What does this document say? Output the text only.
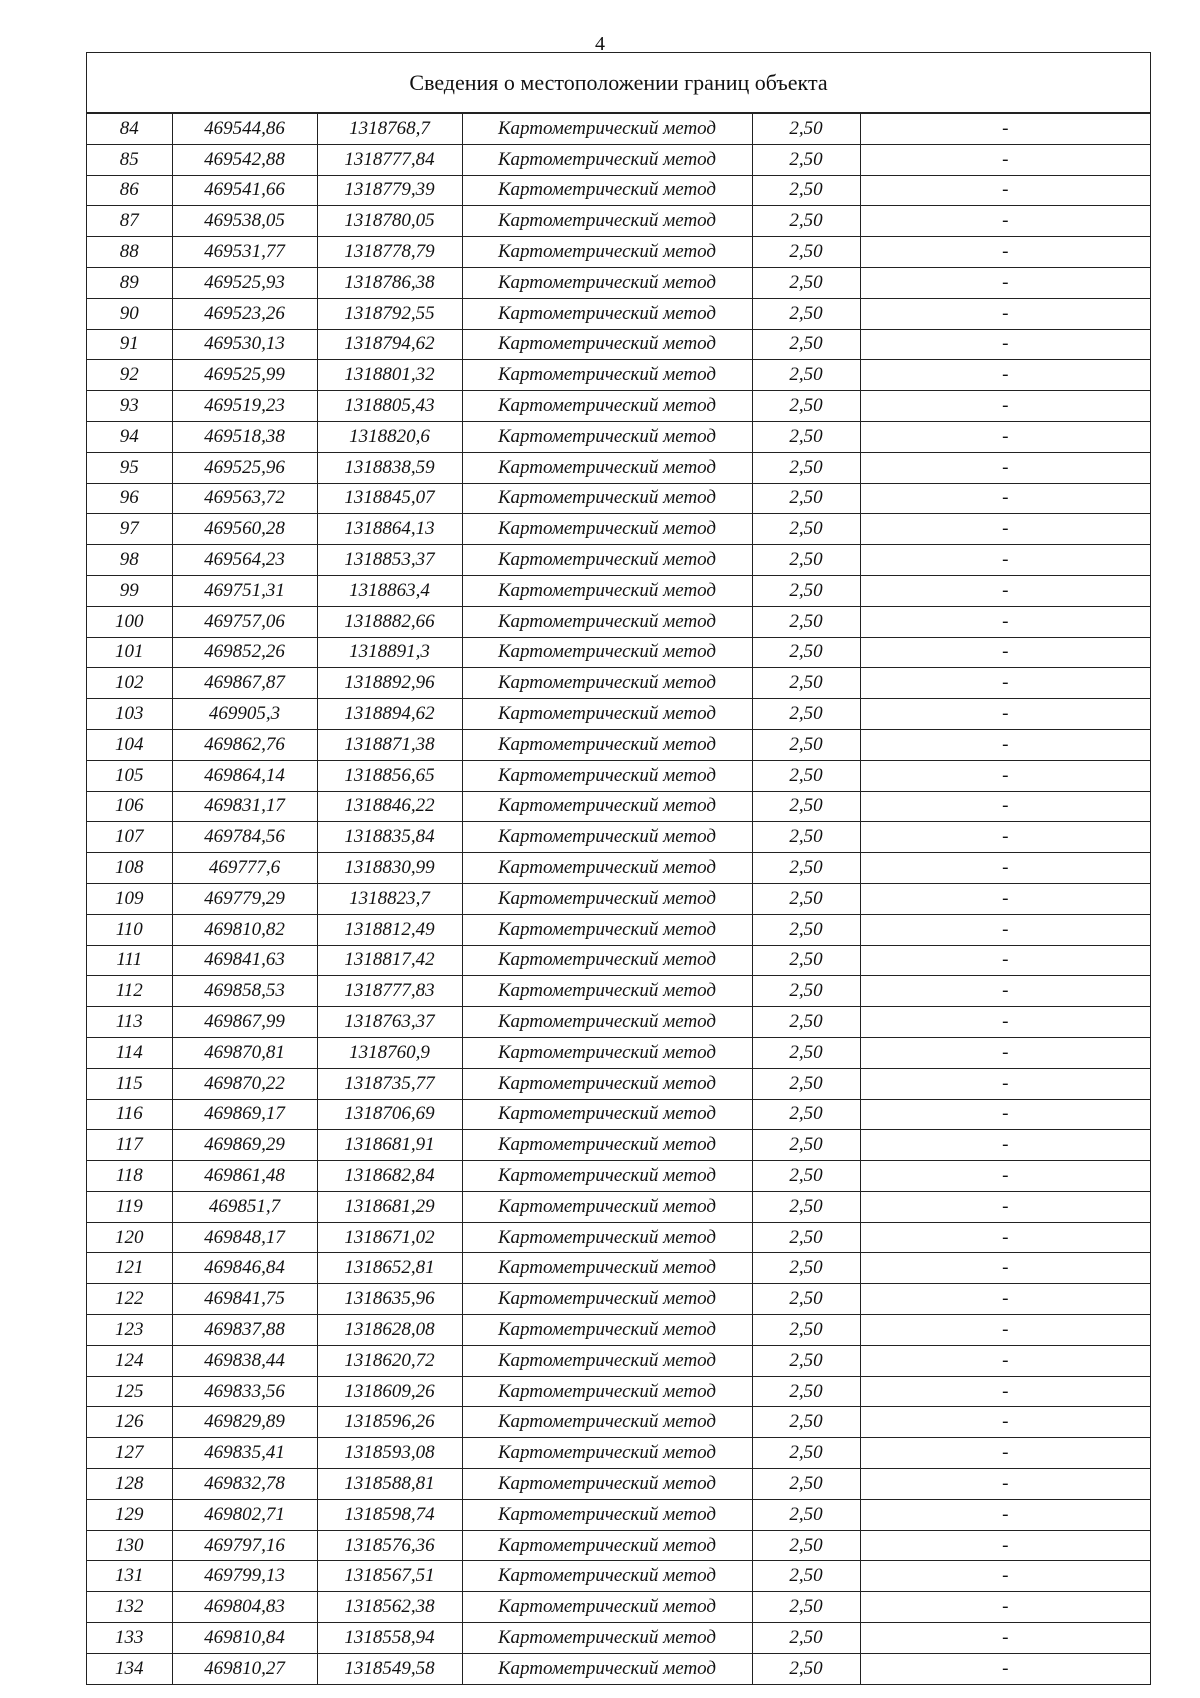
4
Сведения о местоположении границ объекта
84	469544,86	1318768,7	Картометрический метод	2,50	-
85	469542,88	1318777,84	Картометрический метод	2,50	-
86	469541,66	1318779,39	Картометрический метод	2,50	-
87	469538,05	1318780,05	Картометрический метод	2,50	-
88	469531,77	1318778,79	Картометрический метод	2,50	-
89	469525,93	1318786,38	Картометрический метод	2,50	-
90	469523,26	1318792,55	Картометрический метод	2,50	-
91	469530,13	1318794,62	Картометрический метод	2,50	-
92	469525,99	1318801,32	Картометрический метод	2,50	-
93	469519,23	1318805,43	Картометрический метод	2,50	-
94	469518,38	1318820,6	Картометрический метод	2,50	-
95	469525,96	1318838,59	Картометрический метод	2,50	-
96	469563,72	1318845,07	Картометрический метод	2,50	-
97	469560,28	1318864,13	Картометрический метод	2,50	-
98	469564,23	1318853,37	Картометрический метод	2,50	-
99	469751,31	1318863,4	Картометрический метод	2,50	-
100	469757,06	1318882,66	Картометрический метод	2,50	-
101	469852,26	1318891,3	Картометрический метод	2,50	-
102	469867,87	1318892,96	Картометрический метод	2,50	-
103	469905,3	1318894,62	Картометрический метод	2,50	-
104	469862,76	1318871,38	Картометрический метод	2,50	-
105	469864,14	1318856,65	Картометрический метод	2,50	-
106	469831,17	1318846,22	Картометрический метод	2,50	-
107	469784,56	1318835,84	Картометрический метод	2,50	-
108	469777,6	1318830,99	Картометрический метод	2,50	-
109	469779,29	1318823,7	Картометрический метод	2,50	-
110	469810,82	1318812,49	Картометрический метод	2,50	-
111	469841,63	1318817,42	Картометрический метод	2,50	-
112	469858,53	1318777,83	Картометрический метод	2,50	-
113	469867,99	1318763,37	Картометрический метод	2,50	-
114	469870,81	1318760,9	Картометрический метод	2,50	-
115	469870,22	1318735,77	Картометрический метод	2,50	-
116	469869,17	1318706,69	Картометрический метод	2,50	-
117	469869,29	1318681,91	Картометрический метод	2,50	-
118	469861,48	1318682,84	Картометрический метод	2,50	-
119	469851,7	1318681,29	Картометрический метод	2,50	-
120	469848,17	1318671,02	Картометрический метод	2,50	-
121	469846,84	1318652,81	Картометрический метод	2,50	-
122	469841,75	1318635,96	Картометрический метод	2,50	-
123	469837,88	1318628,08	Картометрический метод	2,50	-
124	469838,44	1318620,72	Картометрический метод	2,50	-
125	469833,56	1318609,26	Картометрический метод	2,50	-
126	469829,89	1318596,26	Картометрический метод	2,50	-
127	469835,41	1318593,08	Картометрический метод	2,50	-
128	469832,78	1318588,81	Картометрический метод	2,50	-
129	469802,71	1318598,74	Картометрический метод	2,50	-
130	469797,16	1318576,36	Картометрический метод	2,50	-
131	469799,13	1318567,51	Картометрический метод	2,50	-
132	469804,83	1318562,38	Картометрический метод	2,50	-
133	469810,84	1318558,94	Картометрический метод	2,50	-
134	469810,27	1318549,58	Картометрический метод	2,50	-
